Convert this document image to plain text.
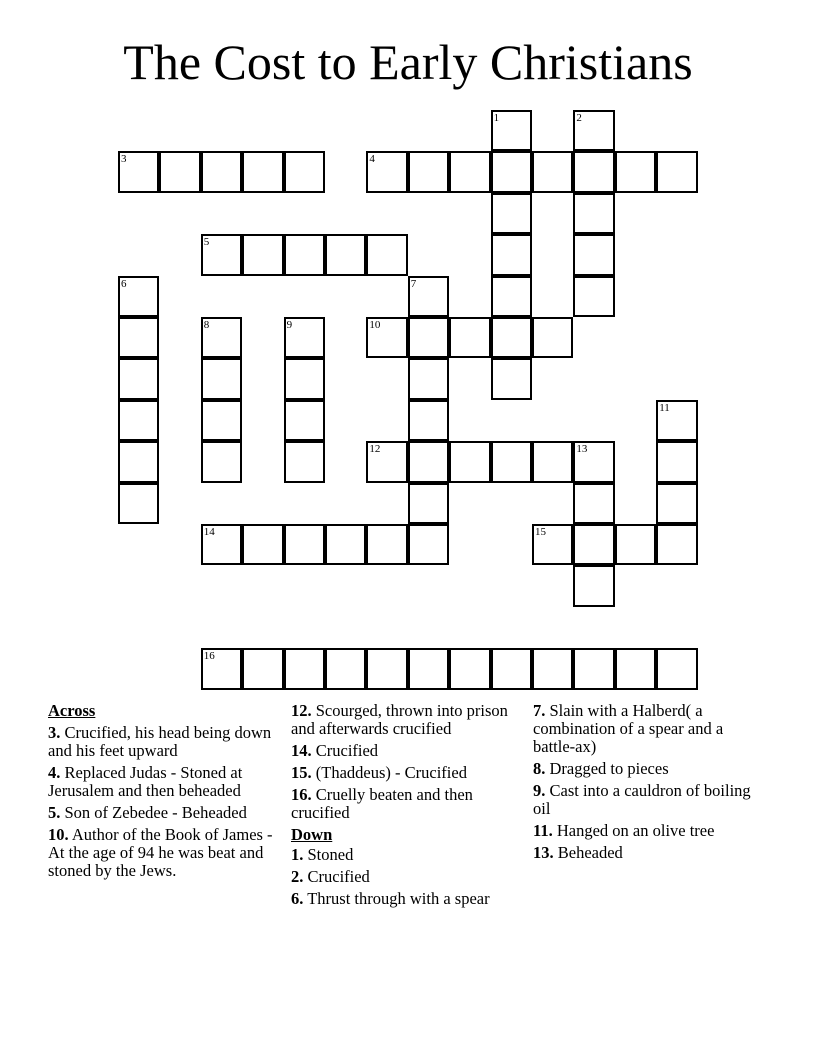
The Cost to Early Christians
1	2
3	4
5
6	7
8	9	10
11
12	13
14	15
16
Across
3. Crucified, his head being down and his feet upward
4. Replaced Judas - Stoned at Jerusalem and then beheaded
5. Son of Zebedee - Beheaded
10. Author of the Book of James - At the age of 94 he was beat and stoned by the Jews.
12. Scourged, thrown into prison and afterwards crucified
14. Crucified
15. (Thaddeus) - Crucified
16. Cruelly beaten and then crucified
Down
1. Stoned
2. Crucified
6. Thrust through with a spear
7. Slain with a Halberd( a combination of a spear and a battle-ax)
8. Dragged to pieces
9. Cast into a cauldron of boiling oil
11. Hanged on an olive tree
13. Beheaded
